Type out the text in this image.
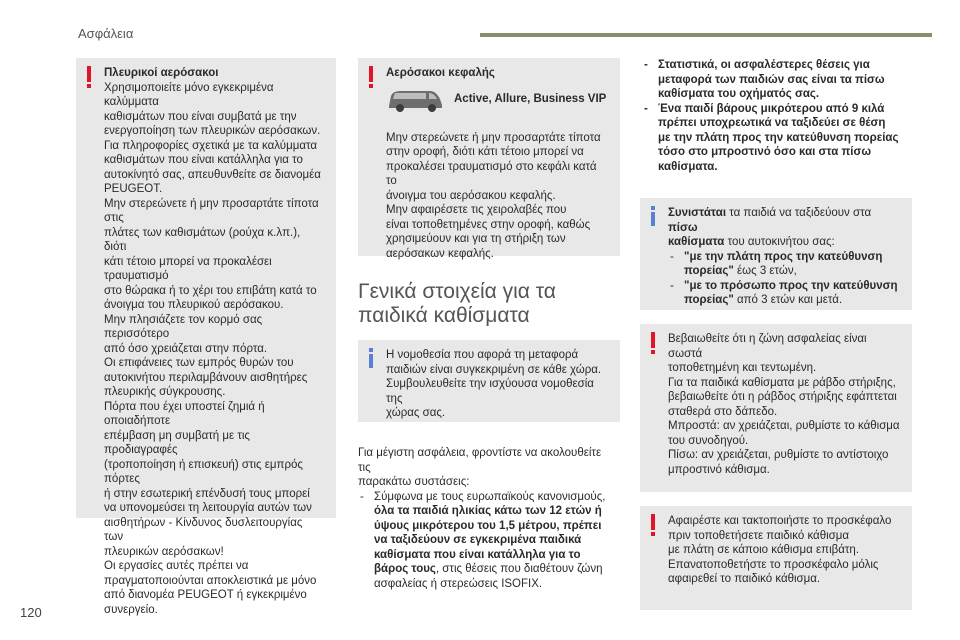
Ασφάλεια

Πλευρικοί αερόσακοι

Χρησιμοποιείτε μόνο εγκεκριμένα καλύμματα

καθισμάτων που είναι συμβατά με την

ενεργοποίηση των πλευρικών αερόσακων.

Για πληροφορίες σχετικά με τα καλύμματα

καθισμάτων που είναι κατάλληλα για το

αυτοκίνητό σας, απευθυνθείτε σε διανομέα

PEUGEOT.

Μην στερεώνετε ή μην προσαρτάτε τίποτα στις

πλάτες των καθισμάτων (ρούχα κ.λπ.), διότι

κάτι τέτοιο μπορεί να προκαλέσει τραυματισμό

στο θώρακα ή το χέρι του επιβάτη κατά το

άνοιγμα του πλευρικού αερόσακου.

Μην πλησιάζετε τον κορμό σας περισσότερο

από όσο χρειάζεται στην πόρτα.

Οι επιφάνειες των εμπρός θυρών του

αυτοκινήτου περιλαμβάνουν αισθητήρες

πλευρικής σύγκρουσης.

Πόρτα που έχει υποστεί ζημιά ή οποιαδήποτε

επέμβαση μη συμβατή με τις προδιαγραφές

(τροποποίηση ή επισκευή) στις εμπρός πόρτες

ή στην εσωτερική επένδυσή τους μπορεί

να υπονομεύσει τη λειτουργία αυτών των

αισθητήρων - Κίνδυνος δυσλειτουργίας των

πλευρικών αερόσακων!

Οι εργασίες αυτές πρέπει να

πραγματοποιούνται αποκλειστικά με μόνο

από διανομέα PEUGEOT ή εγκεκριμένο

συνεργείο.

Αερόσακοι κεφαλής

Active, Allure, Business VIP

Μην στερεώνετε ή μην προσαρτάτε τίποτα

στην οροφή, διότι κάτι τέτοιο μπορεί να

προκαλέσει τραυματισμό στο κεφάλι κατά το

άνοιγμα του αερόσακου κεφαλής.

Μην αφαιρέσετε τις χειρολαβές που

είναι τοποθετημένες στην οροφή, καθώς

χρησιμεύουν και για τη στήριξη των

αερόσακων κεφαλής.

Γενικά στοιχεία για τα
παιδικά καθίσματα

Η νομοθεσία που αφορά τη μεταφορά

παιδιών είναι συγκεκριμένη σε κάθε χώρα.

Συμβουλευθείτε την ισχύουσα νομοθεσία της

χώρας σας.

Για μέγιστη ασφάλεια, φροντίστε να ακολουθείτε τις

παρακάτω συστάσεις:

- Σύμφωνα με τους ευρωπαϊκούς κανονισμούς,
όλα τα παιδιά ηλικίας κάτω των 12 ετών ή
ύψους μικρότερου του 1,5 μέτρου, πρέπει
να ταξιδεύουν σε εγκεκριμένα παιδικά
καθίσματα που είναι κατάλληλα για το
βάρος τους, στις θέσεις που διαθέτουν ζώνη
ασφαλείας ή στερεώσεις ISOFIX.
- Στατιστικά, οι ασφαλέστερες θέσεις για
μεταφορά των παιδιών σας είναι τα πίσω
καθίσματα του οχήματός σας.
- Ένα παιδί βάρους μικρότερου από 9 κιλά
πρέπει υποχρεωτικά να ταξιδεύει σε θέση
με την πλάτη προς την κατεύθυνση πορείας
τόσο στο μπροστινό όσο και στα πίσω
καθίσματα.

Συνιστάται τα παιδιά να ταξιδεύουν στα πίσω

καθίσματα του αυτοκινήτου σας:

- "με την πλάτη προς την κατεύθυνση
πορείας" έως 3 ετών,
- "με το πρόσωπο προς την κατεύθυνση
πορείας" από 3 ετών και μετά.

Βεβαιωθείτε ότι η ζώνη ασφαλείας είναι σωστά

τοποθετημένη και τεντωμένη.

Για τα παιδικά καθίσματα με ράβδο στήριξης,

βεβαιωθείτε ότι η ράβδος στήριξης εφάπτεται

σταθερά στο δάπεδο.

Μπροστά: αν χρειάζεται, ρυθμίστε το κάθισμα

του συνοδηγού.

Πίσω: αν χρειάζεται, ρυθμίστε το αντίστοιχο

μπροστινό κάθισμα.

Αφαιρέστε και τακτοποιήστε το προσκέφαλο

πριν τοποθετήσετε παιδικό κάθισμα

με πλάτη σε κάποιο κάθισμα επιβάτη.

Επανατοποθετήστε το προσκέφαλο μόλις

αφαιρεθεί το παιδικό κάθισμα.

120
